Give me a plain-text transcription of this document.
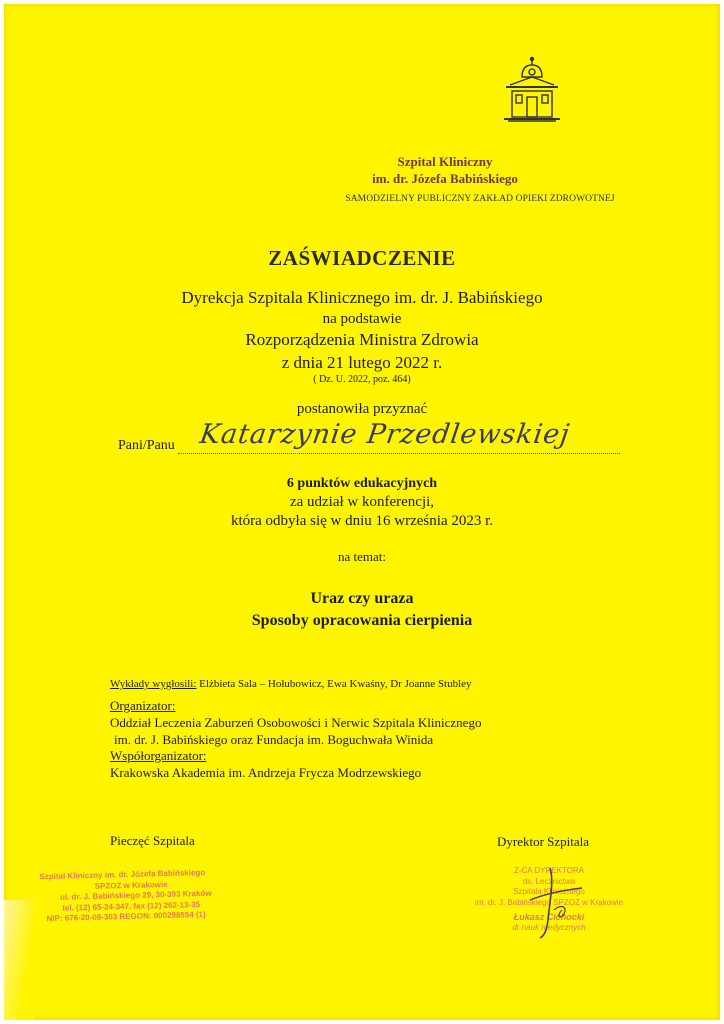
Szpital Kliniczny
im. dr. Józefa Babińskiego
SAMODZIELNY PUBLICZNY ZAKŁAD OPIEKI ZDROWOTNEJ
ZAŚWIADCZENIE
Dyrekcja Szpitala Klinicznego im. dr. J. Babińskiego
na podstawie
Rozporządzenia Ministra Zdrowia
z dnia 21 lutego 2022 r.
( Dz. U. 2022, poz. 464)
postanowiła przyznać
Pani/Panu Katarzynie Przedlewskiej
6 punktów edukacyjnych
za udział w konferencji,
która odbyła się w dniu 16 września 2023 r.
na temat:
Uraz czy uraza
Sposoby opracowania cierpienia
Wykłady wygłosili: Elżbieta Sala – Hołubowicz, Ewa Kwaśny, Dr Joanne Stubley
Organizator:
Oddział Leczenia Zaburzeń Osobowości i Nerwic Szpitala Klinicznego
im. dr. J. Babińskiego oraz Fundacja im. Boguchwała Winida
Współorganizator:
Krakowska Akademia im. Andrzeja Frycza Modrzewskiego
Pieczęć Szpitala	Dyrektor Szpitala
Szpital Kliniczny im. dr. Józefa Babińskiego
SPZOZ w Krakowie
ul. dr. J. Babińskiego 29, 30-393 Kraków
tel. (12) 65-24-347, fax (12) 262-13-35
NIP: 676-20-08-303 REGON: 000298554 (1)
Z-CA DYREKTORA
ds. Lecznictwa
Szpitala Klinicznego
im. dr. J. Babińskiego SPZOZ w Krakowie
Łukasz Cichocki
dr nauk medycznych
